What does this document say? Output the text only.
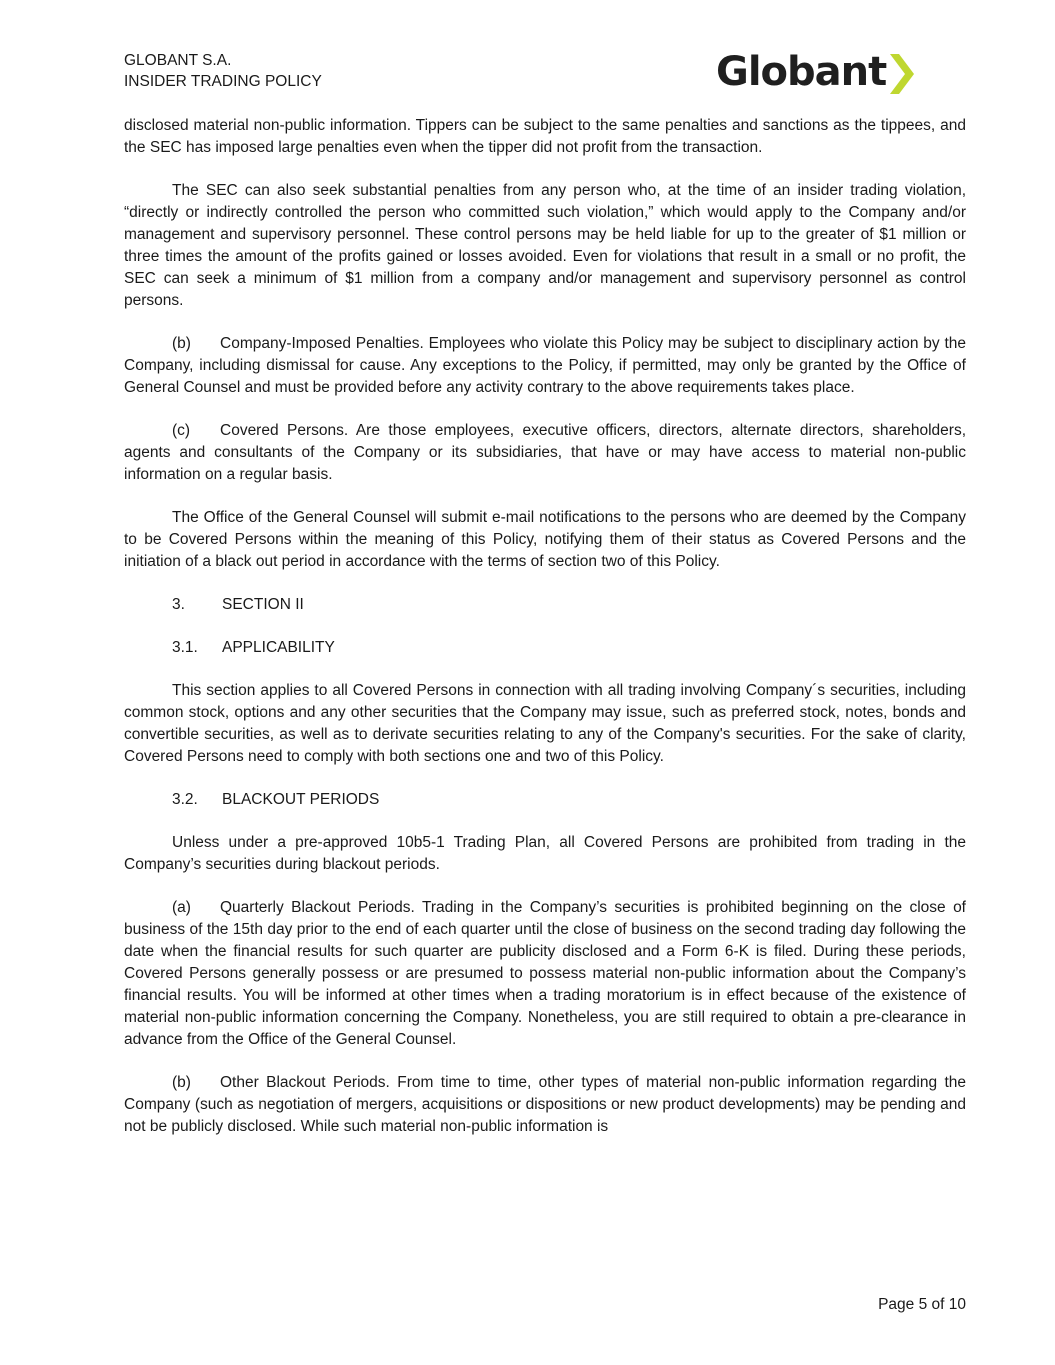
GLOBANT S.A.
INSIDER TRADING POLICY	Globant

disclosed material non-public information. Tippers can be subject to the same penalties and sanctions as the tippees, and the SEC has imposed large penalties even when the tipper did not profit from the transaction.

The SEC can also seek substantial penalties from any person who, at the time of an insider trading violation, “directly or indirectly controlled the person who committed such violation,” which would apply to the Company and/or management and supervisory personnel. These control persons may be held liable for up to the greater of $1 million or three times the amount of the profits gained or losses avoided. Even for violations that result in a small or no profit, the SEC can seek a minimum of $1 million from a company and/or management and supervisory personnel as control persons.

(b) Company-Imposed Penalties. Employees who violate this Policy may be subject to disciplinary action by the Company, including dismissal for cause. Any exceptions to the Policy, if permitted, may only be granted by the Office of General Counsel and must be provided before any activity contrary to the above requirements takes place.

(c) Covered Persons. Are those employees, executive officers, directors, alternate directors, shareholders, agents and consultants of the Company or its subsidiaries, that have or may have access to material non-public information on a regular basis.

The Office of the General Counsel will submit e-mail notifications to the persons who are deemed by the Company to be Covered Persons within the meaning of this Policy, notifying them of their status as Covered Persons and the initiation of a black out period in accordance with the terms of section two of this Policy.

3. SECTION II
3.1. APPLICABILITY

This section applies to all Covered Persons in connection with all trading involving Company´s securities, including common stock, options and any other securities that the Company may issue, such as preferred stock, notes, bonds and convertible securities, as well as to derivate securities relating to any of the Company's securities. For the sake of clarity, Covered Persons need to comply with both sections one and two of this Policy.

3.2. BLACKOUT PERIODS

Unless under a pre-approved 10b5-1 Trading Plan, all Covered Persons are prohibited from trading in the Company’s securities during blackout periods.

(a) Quarterly Blackout Periods. Trading in the Company’s securities is prohibited beginning on the close of business of the 15th day prior to the end of each quarter until the close of business on the second trading day following the date when the financial results for such quarter are publicity disclosed and a Form 6-K is filed. During these periods, Covered Persons generally possess or are presumed to possess material non-public information about the Company’s financial results. You will be informed at other times when a trading moratorium is in effect because of the existence of material non-public information concerning the Company. Nonetheless, you are still required to obtain a pre-clearance in advance from the Office of the General Counsel.

(b) Other Blackout Periods. From time to time, other types of material non-public information regarding the Company (such as negotiation of mergers, acquisitions or dispositions or new product developments) may be pending and not be publicly disclosed. While such material non-public information is

Page 5 of 10
